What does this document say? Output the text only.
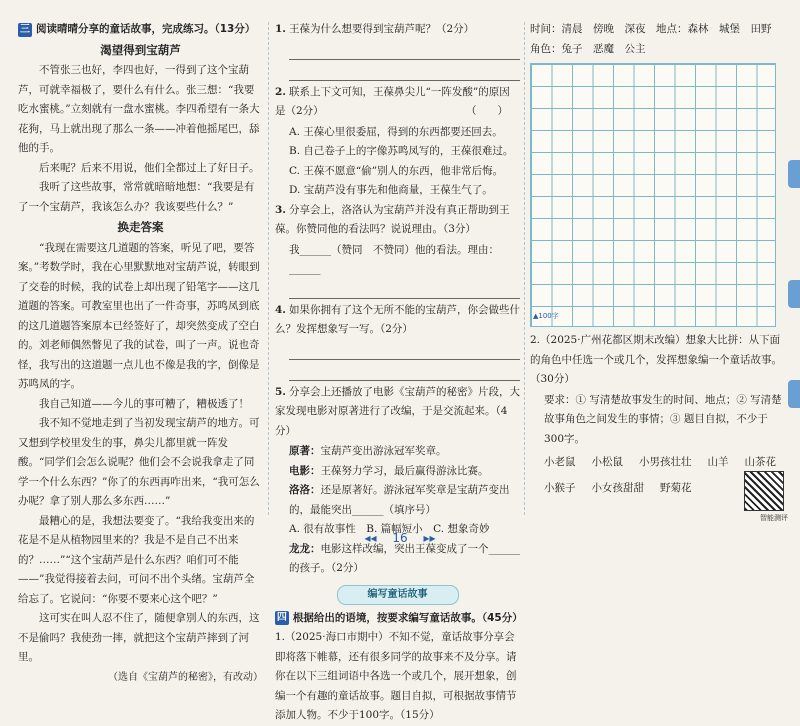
三 阅读晴晴分享的童话故事，完成练习。（13分）
渴望得到宝葫芦

不管张三也好，李四也好，一得到了这个宝葫芦，可就幸福极了，要什么有什么。张三想：“我要吃水蜜桃。”立刻就有一盘水蜜桃。李四希望有一条大花狗，马上就出现了那么一条——冲着他摇尾巴，舔他的手。

后来呢？后来不用说，他们全都过上了好日子。

我听了这些故事，常常就暗暗地想：“我要是有了一个宝葫芦，我该怎么办？我该要些什么？”

换走答案

“我现在需要这几道题的答案，听见了吧，要答案。”考数学时，我在心里默默地对宝葫芦说，转眼到了交卷的时候，我的试卷上却出现了铅笔字——这几道题的答案。可教室里也出了一件奇事，苏鸣凤到底的这几道题答案原本已经签好了，却突然变成了空白的。刘老师偶然瞥见了我的试卷，叫了一声。说也奇怪，我写出的这道题一点儿也不像是我的字，倒像是苏鸣凤的字。

我自己知道——今儿的事可糟了，糟极透了！

我不知不觉地走到了当初发现宝葫芦的地方。可又想到学校里发生的事，鼻尖儿都里就一阵发酸。“同学们会怎么说呢？他们会不会说我拿走了同学一个什么东西？”你了的东西再咋出来，“我可怎么办呢？拿了别人那么多东西……”

最糟心的是，我想法要变了。“我给我变出来的花是不是从植物园里来的？我是不是自己不出来的？……”“这个宝葫芦是什么东西？咱们可不能——”我觉得接着去问，可问不出个头绪。宝葫芦全给忘了。它说问：“你要不要来心这个吧？”

这可实在叫人忍不住了，随便拿别人的东西，这不是偷吗？我使劲一摔，就把这个宝葫芦摔到了河里。

（选自《宝葫芦的秘密》，有改动）

1. 王葆为什么想要得到宝葫芦呢？（2分）
2. 联系上下文可知，王葆鼻尖儿“一阵发酸”的原因是（2分）	（　　）
A. 王葆心里很委屈，得到的东西都要还回去。
B. 自己卷子上的字像苏鸣凤写的，王葆很难过。
C. 王葆不愿意“偷”别人的东西，他非常后悔。
D. 宝葫芦没有事先和他商量，王葆生气了。
3. 分享会上，洛洛认为宝葫芦并没有真正帮助到王葆。你赞同他的看法吗？说说理由。（3分）
我______（赞同　不赞同）他的看法。理由：______
4. 如果你拥有了这个无所不能的宝葫芦，你会做些什么？发挥想象写一写。（2分）
5. 分享会上还播放了电影《宝葫芦的秘密》片段，大家发现电影对原著进行了改编，于是交流起来。（4分）
原著：宝葫芦变出游泳冠军奖章。
电影：王葆努力学习，最后赢得游泳比赛。
洛洛：还是原著好。游泳冠军奖章是宝葫芦变出的，最能突出______（填序号）
A. 很有故事性　B. 篇幅短小　C. 想象奇妙
龙龙：电影这样改编，突出王葆变成了一个______的孩子。（2分）
编写童话故事
四 根据给出的语境，按要求编写童话故事。（45分）
1.（2025·海口市期中）不知不觉，童话故事分享会即将落下帷幕，还有很多同学的故事来不及分享。请你在以下三组词语中各选一个或几个，展开想象，创编一个有趣的童话故事。题目自拟，可根据故事情节添加人物。不少于100字。（15分）
时间：清晨　傍晚　深夜　 地点：森林　城堡　田野
角色：兔子　恶魔　公主
▲100字
2.（2025·广州花都区期末改编）想象大比拼：从下面的角色中任选一个或几个，发挥想象编一个童话故事。（30分）
要求：① 写清楚故事发生的时间、地点；② 写清楚故事角色之间发生的事情；③ 题目自拟，不少于300字。
小老鼠 小松鼠 小男孩壮壮 山羊 山茶花
小猴子 小女孩甜甜 野菊花
智能测评
◂◂ 16 ▸▸
